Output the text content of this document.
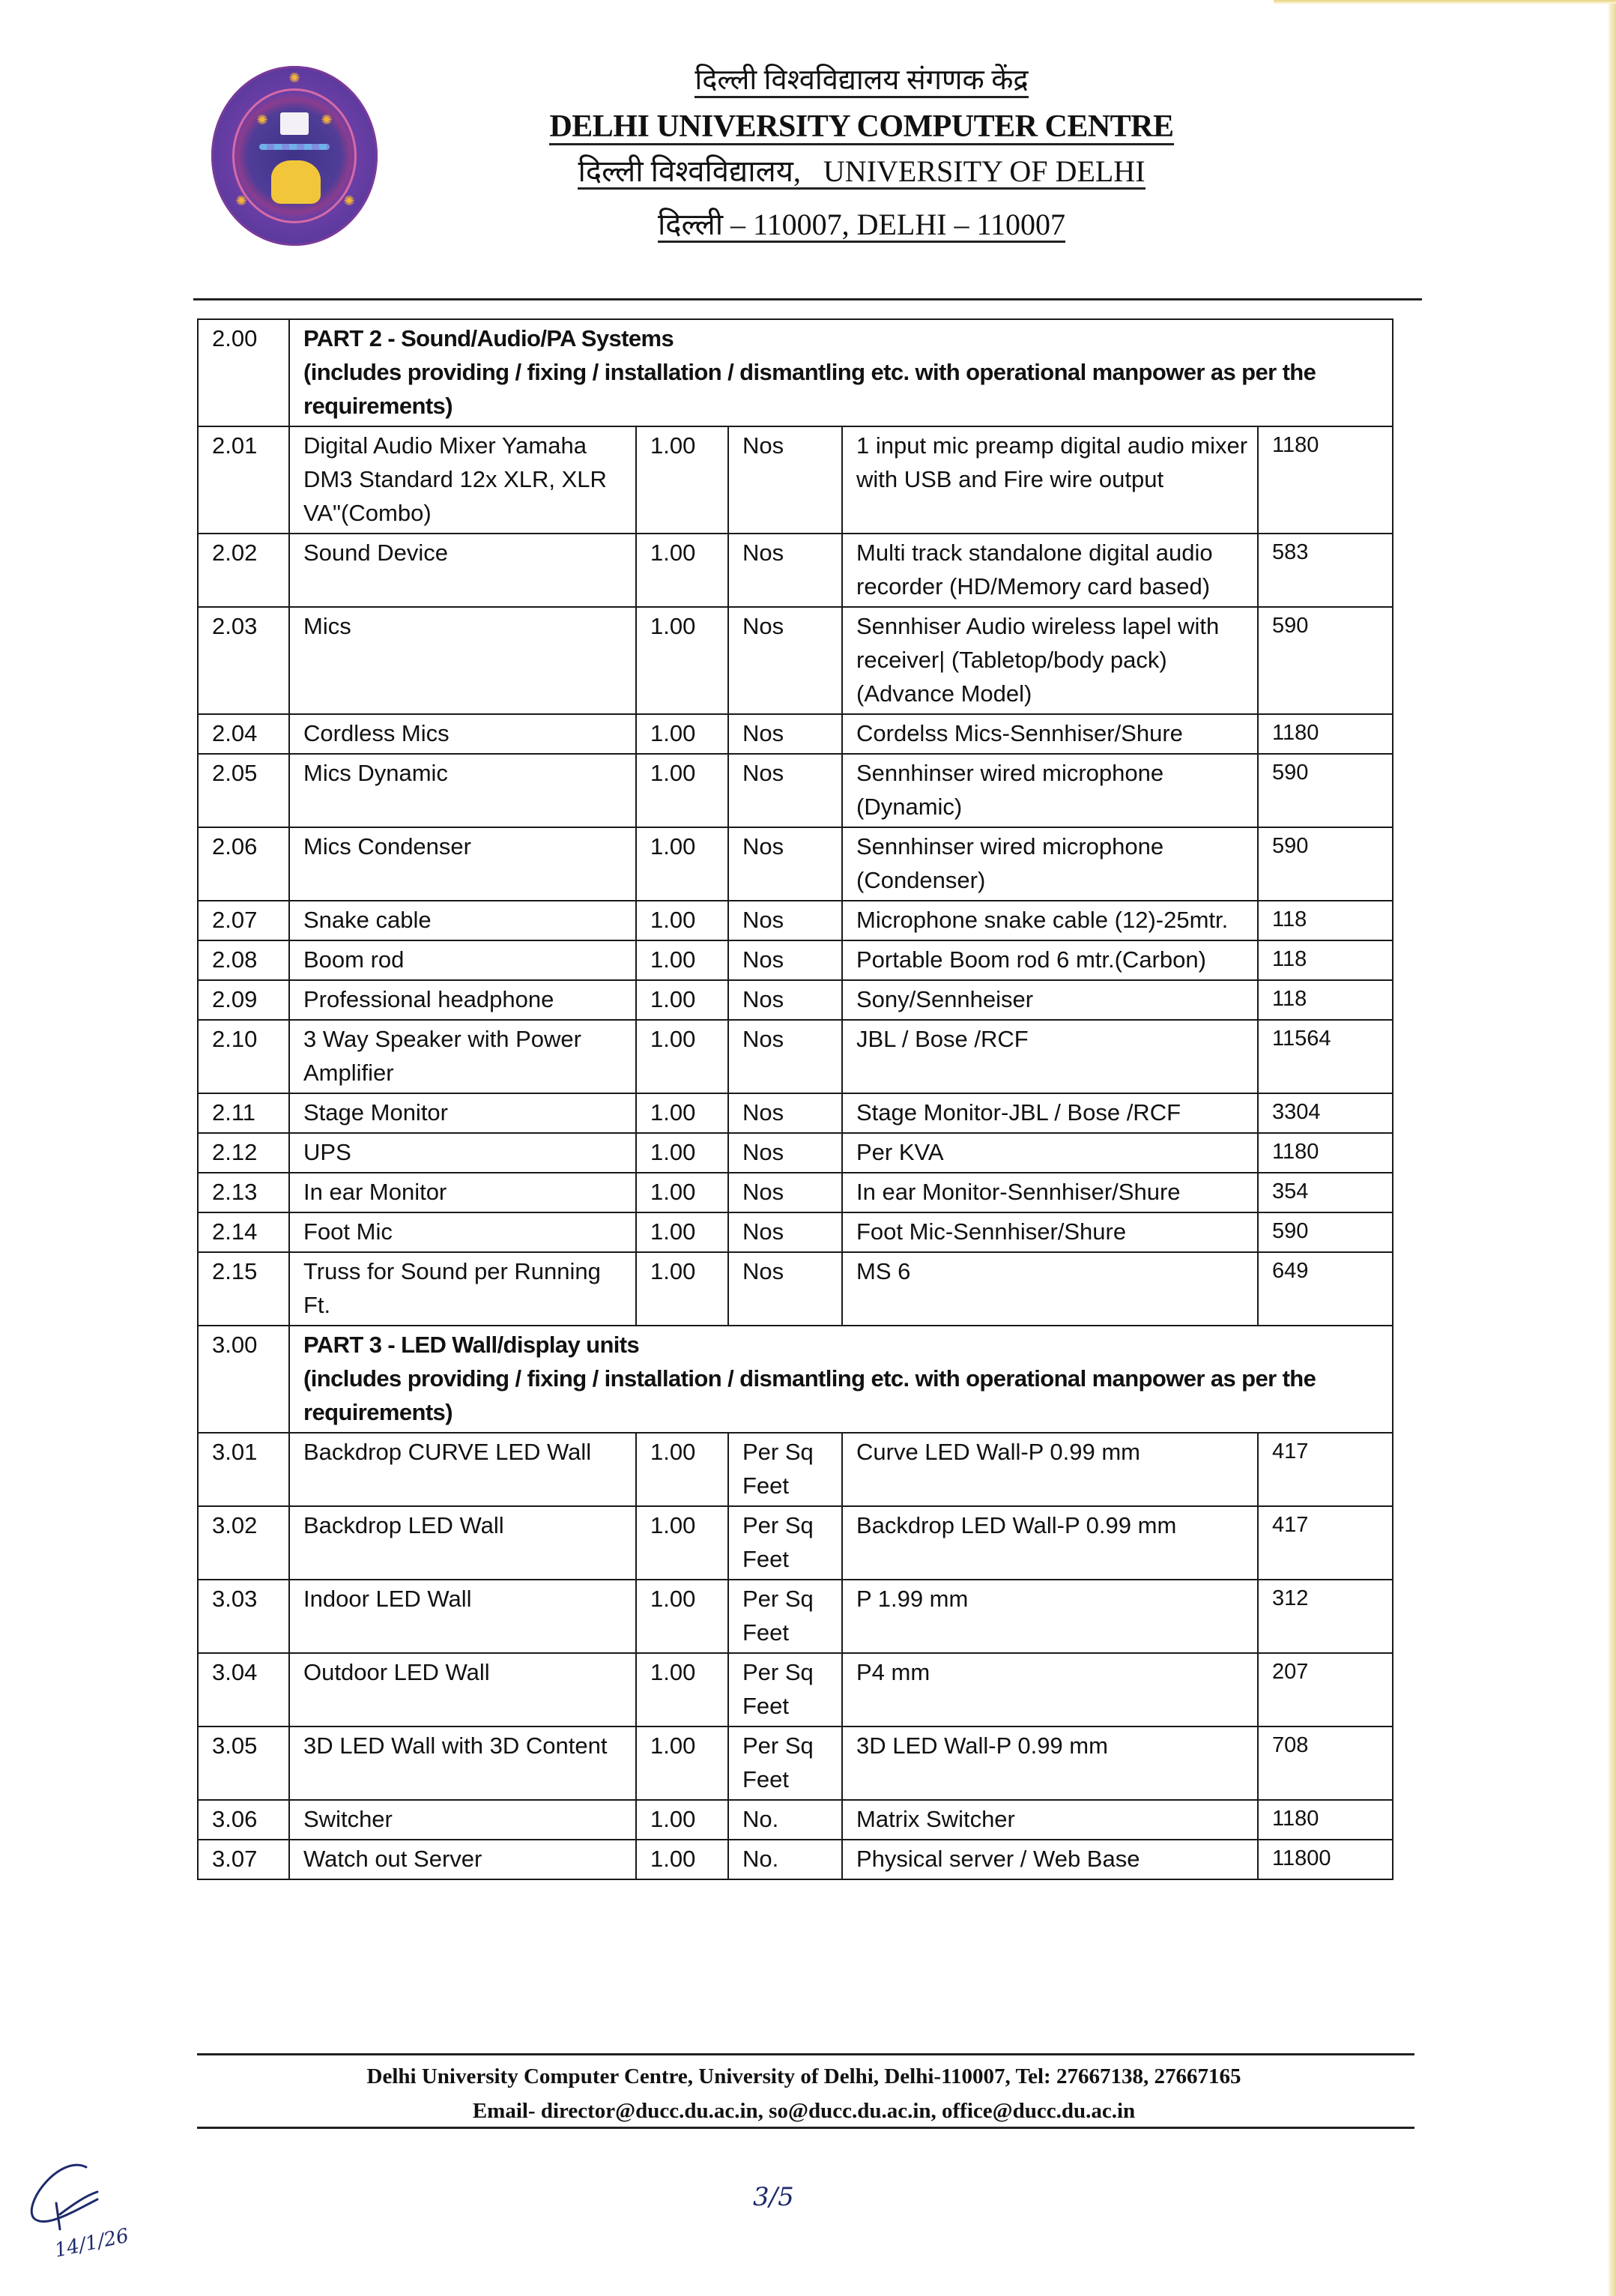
✺
✺	✺
✺	✺
दिल्ली विश्वविद्यालय संगणक केंद्र
DELHI UNIVERSITY COMPUTER CENTRE
दिल्ली विश्वविद्यालय,   UNIVERSITY OF DELHI
दिल्ली – 110007, DELHI – 110007
2.00	PART 2 - Sound/Audio/PA Systems
(includes providing / fixing / installation / dismantling etc. with operational manpower as per the requirements)				

2.01	Digital Audio Mixer Yamaha DM3 Standard 12x XLR, XLR VA"(Combo)	1.00	Nos	1 input mic preamp digital audio mixer with USB and Fire wire output	1180
2.02	Sound Device	1.00	Nos	Multi track standalone digital audio recorder (HD/Memory card based)	583
2.03	Mics	1.00	Nos	Sennhiser Audio wireless lapel with receiver| (Tabletop/body pack) (Advance Model)	590
2.04	Cordless Mics	1.00	Nos	Cordelss Mics-Sennhiser/Shure	1180
2.05	Mics Dynamic	1.00	Nos	Sennhinser wired microphone (Dynamic)	590
2.06	Mics Condenser	1.00	Nos	Sennhinser wired microphone (Condenser)	590
2.07	Snake cable	1.00	Nos	Microphone snake cable (12)-25mtr.	118
2.08	Boom rod	1.00	Nos	Portable Boom rod 6 mtr.(Carbon)	118
2.09	Professional headphone	1.00	Nos	Sony/Sennheiser	118
2.10	3 Way Speaker with Power Amplifier	1.00	Nos	JBL / Bose /RCF	11564
2.11	Stage Monitor	1.00	Nos	Stage Monitor-JBL / Bose /RCF	3304
2.12	UPS	1.00	Nos	Per KVA	1180
2.13	In ear Monitor	1.00	Nos	In ear Monitor-Sennhiser/Shure	354
2.14	Foot Mic	1.00	Nos	Foot Mic-Sennhiser/Shure	590
2.15	Truss for Sound per Running Ft.	1.00	Nos	MS 6	649
3.00	PART 3 - LED Wall/display units
(includes providing / fixing / installation / dismantling etc. with operational manpower as per the requirements)				

3.01	Backdrop CURVE LED Wall	1.00	Per Sq Feet	Curve LED Wall-P 0.99 mm	417
3.02	Backdrop LED Wall	1.00	Per Sq Feet	Backdrop LED Wall-P 0.99 mm	417
3.03	Indoor LED Wall	1.00	Per Sq Feet	P 1.99 mm	312
3.04	Outdoor LED Wall	1.00	Per Sq Feet	P4 mm	207
3.05	3D LED Wall with 3D Content	1.00	Per Sq Feet	3D LED Wall-P 0.99 mm	708
3.06	Switcher	1.00	No.	Matrix Switcher	1180
3.07	Watch out Server	1.00	No.	Physical server / Web Base	11800
Delhi University Computer Centre, University of Delhi, Delhi-110007, Tel: 27667138, 27667165
Email- director@ducc.du.ac.in, so@ducc.du.ac.in, office@ducc.du.ac.in
14/1/26
3/5
